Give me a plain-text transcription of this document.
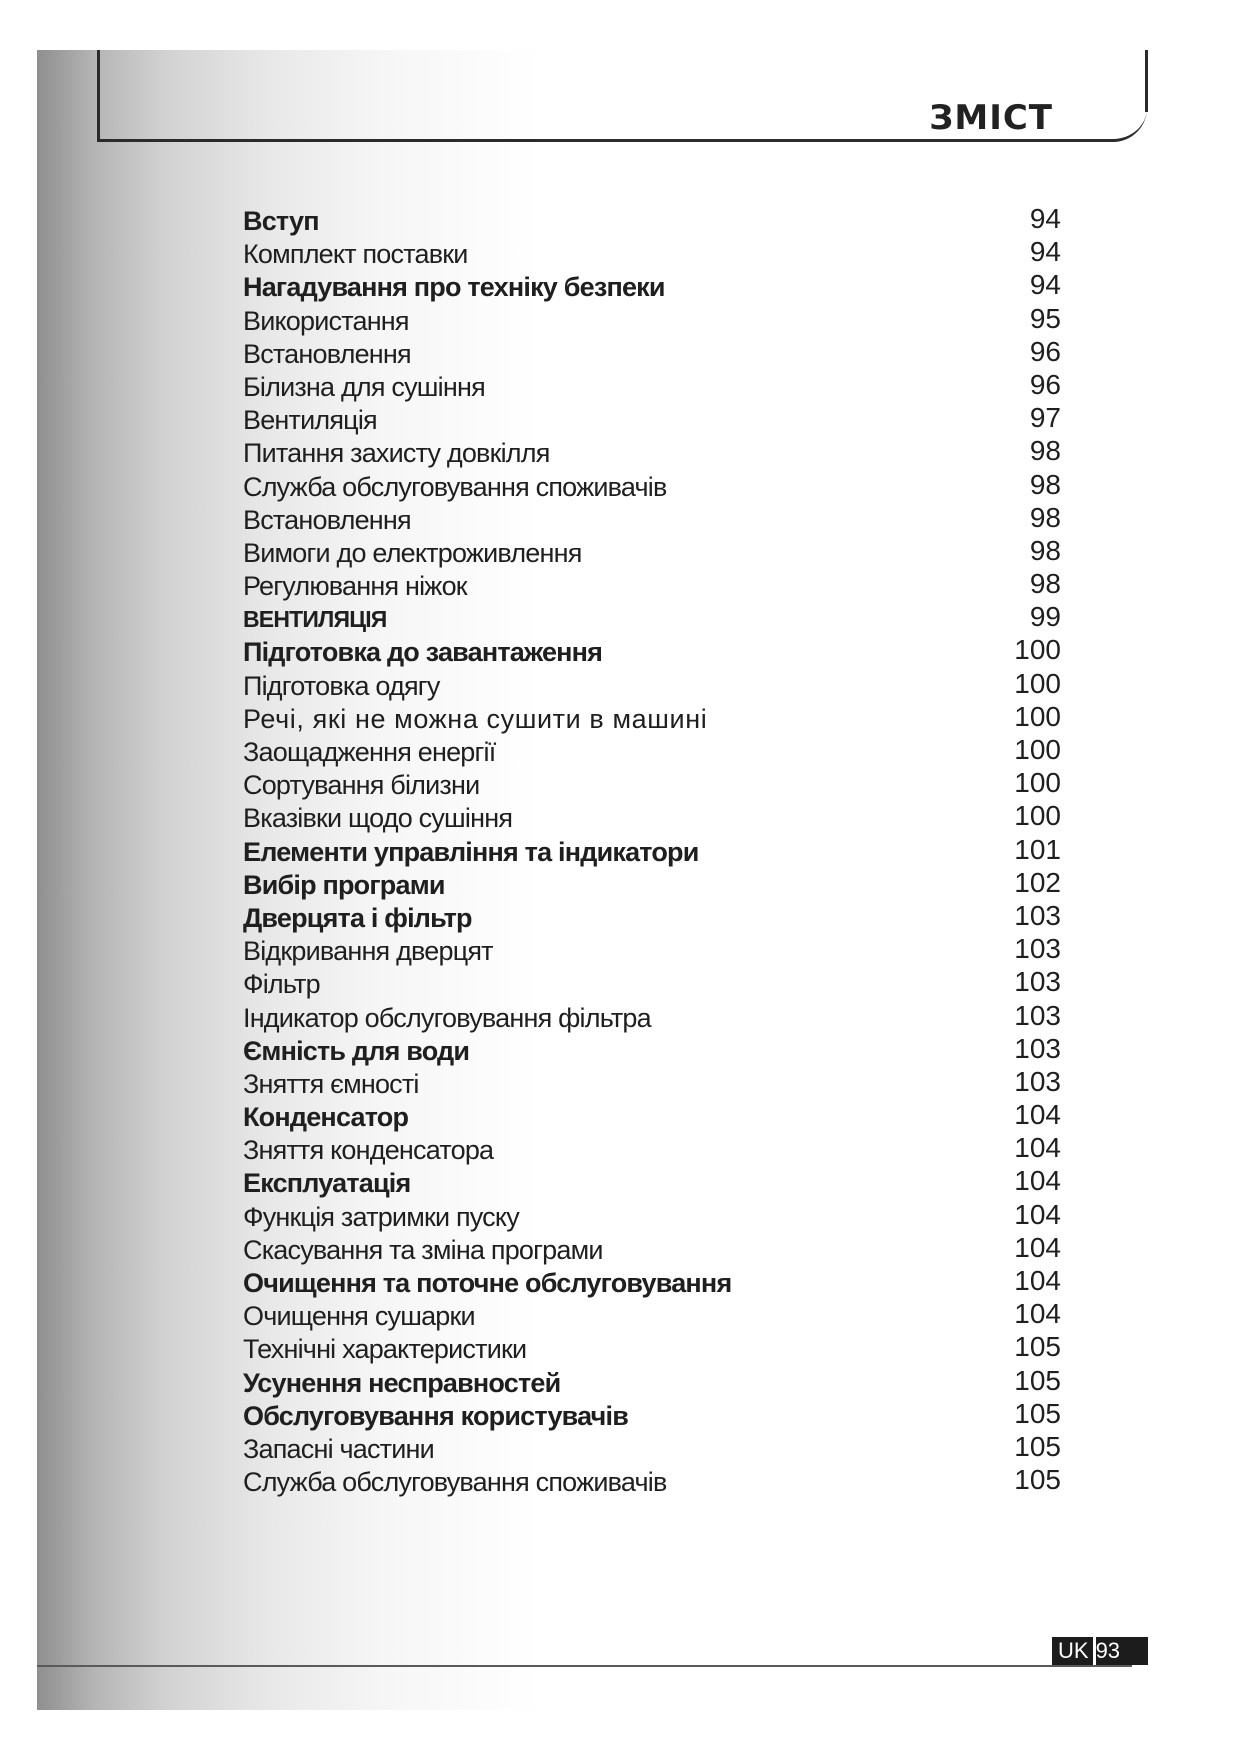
ЗМІСТ
Вступ	94
Комплект поставки	94
Нагадування про техніку безпеки	94
Використання	95
Встановлення	96
Білизна для сушіння	96
Вентиляція	97
Питання захисту довкілля	98
Служба обслуговування споживачів	98
Встановлення	98
Вимоги до електроживлення	98
Регулювання ніжок	98
ВЕНТИЛЯЦІЯ	99
Підготовка до завантаження	100
Підготовка одягу	100
Речі, які не можна сушити в машині	100
Заощадження енергії	100
Сортування білизни	100
Вказівки щодо сушіння	100
Елементи управління та індикатори	101
Вибір програми	102
Дверцята і фільтр	103
Відкривання дверцят	103
Фільтр	103
Індикатор обслуговування фільтра	103
Ємність для води	103
Зняття ємності	103
Конденсатор	104
Зняття конденсатора	104
Експлуатація	104
Функція затримки пуску	104
Скасування та зміна програми	104
Очищення та поточне обслуговування	104
Очищення сушарки	104
Технічні характеристики	105
Усунення несправностей	105
Обслуговування користувачів	105
Запасні частини	105
Служба обслуговування споживачів	105
UK 93
